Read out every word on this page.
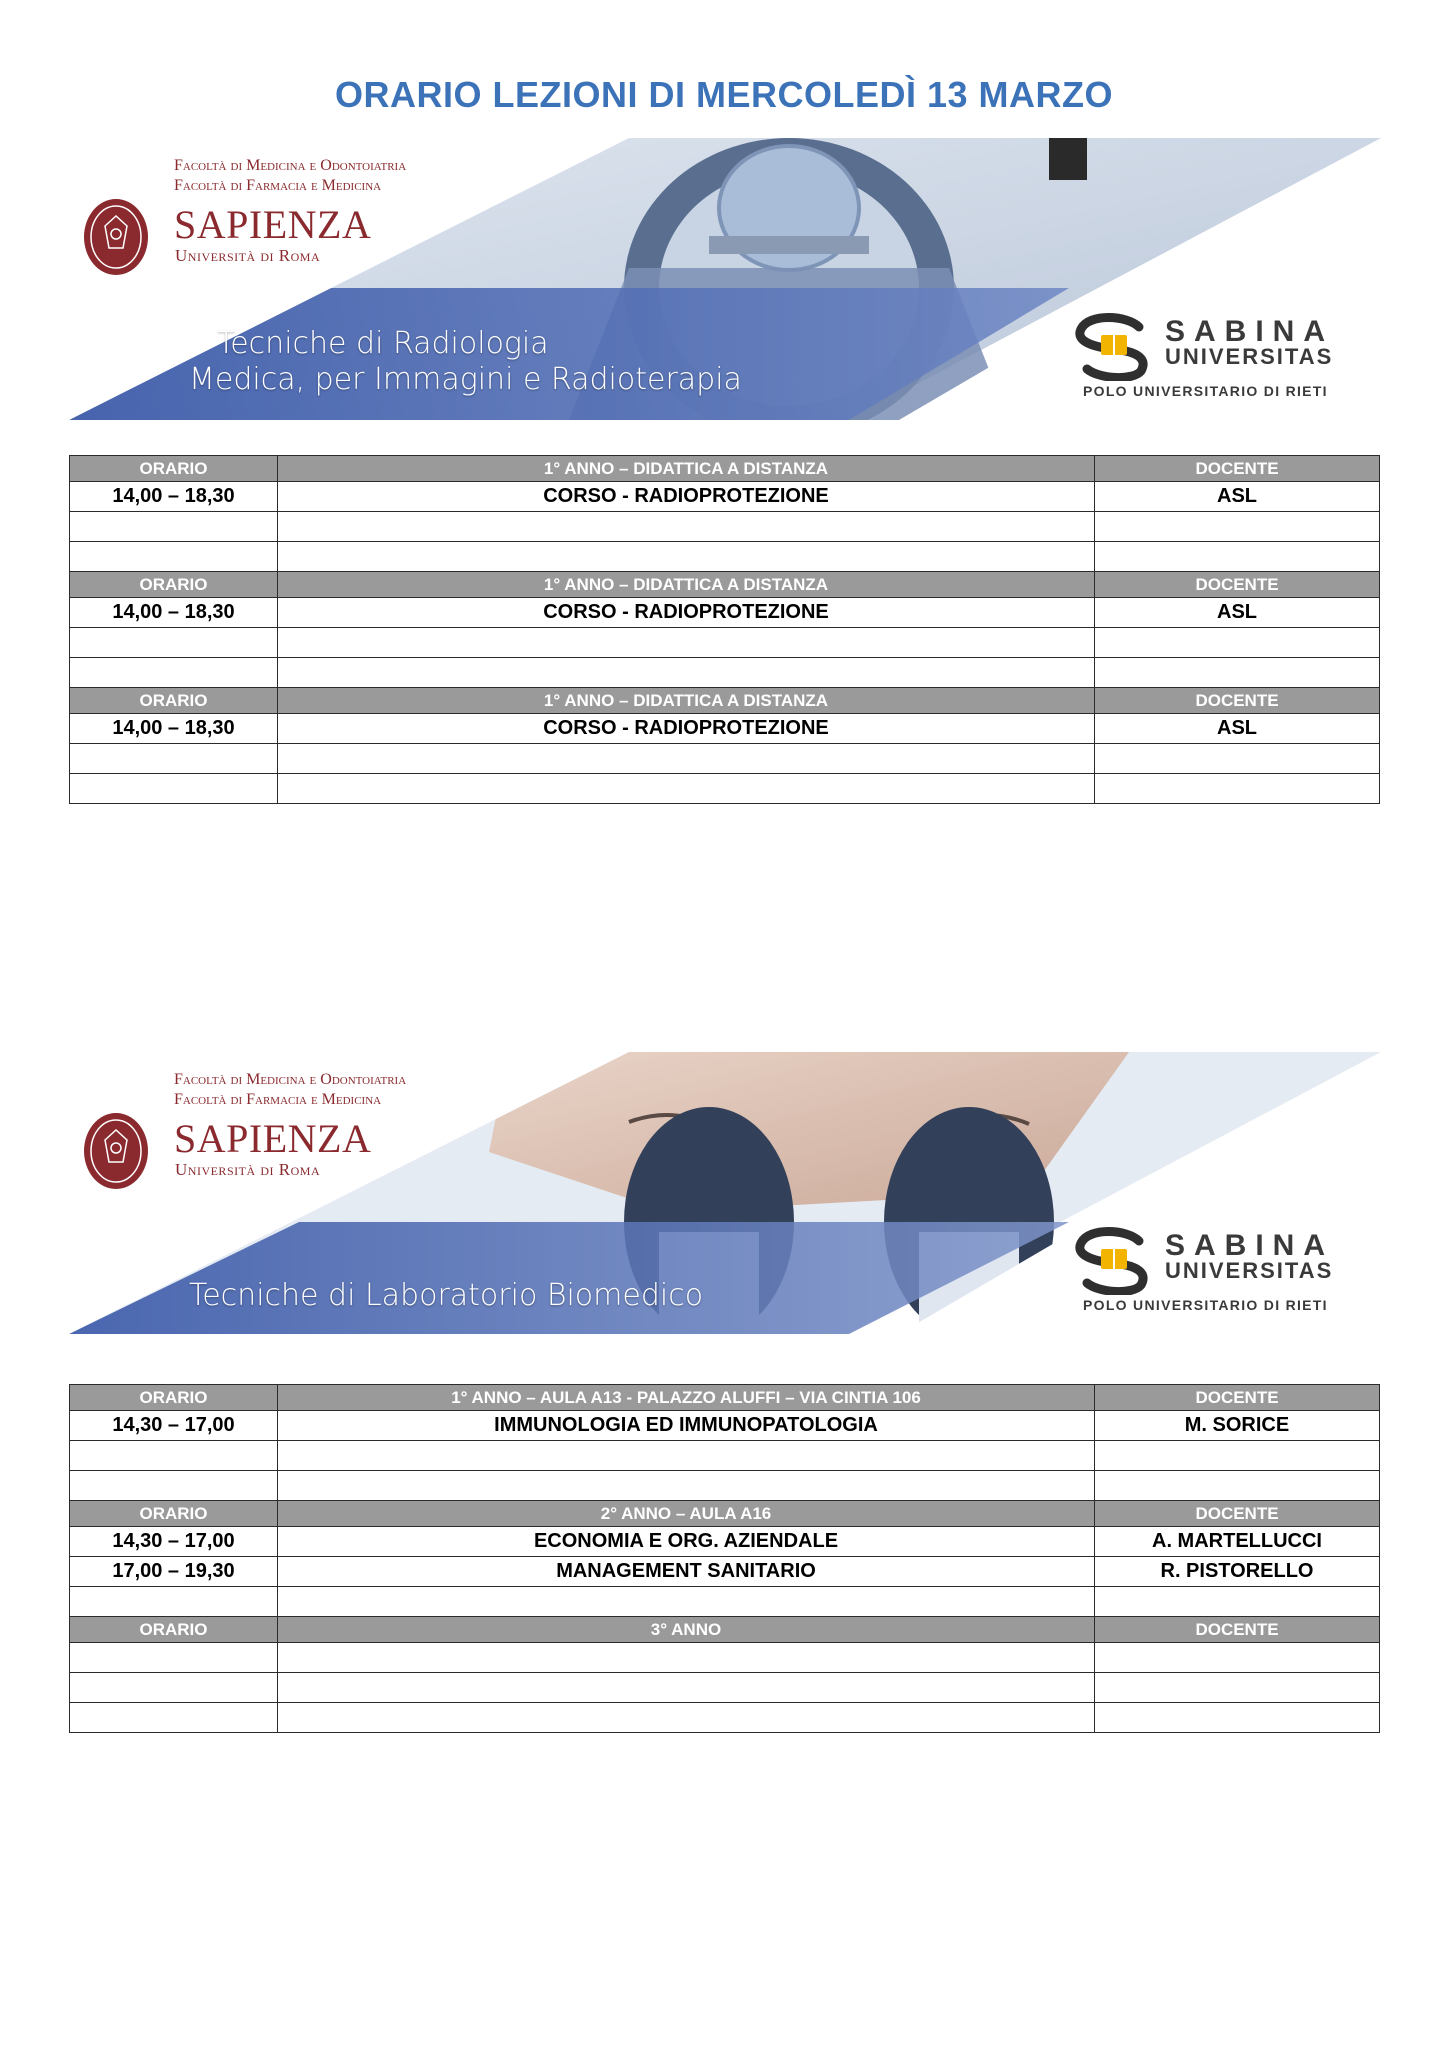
ORARIO LEZIONI DI MERCOLEDÌ 13 MARZO
Facoltà di Medicina e Odontoiatria
Facoltà di Farmacia e Medicina
SAPIENZA
Università di Roma
Tecniche di Radiologia
Medica, per Immagini e Radioterapia
SABINA
UNIVERSITAS
POLO UNIVERSITARIO DI RIETI
ORARIO	1° ANNO – DIDATTICA A DISTANZA	DOCENTE
14,00 – 18,30	CORSO - RADIOPROTEZIONE	ASL

ORARIO	1° ANNO – DIDATTICA A DISTANZA	DOCENTE
14,00 – 18,30	CORSO - RADIOPROTEZIONE	ASL

ORARIO	1° ANNO – DIDATTICA A DISTANZA	DOCENTE
14,00 – 18,30	CORSO - RADIOPROTEZIONE	ASL

Facoltà di Medicina e Odontoiatria
Facoltà di Farmacia e Medicina
SAPIENZA
Università di Roma
Tecniche di Laboratorio Biomedico
SABINA
UNIVERSITAS
POLO UNIVERSITARIO DI RIETI
ORARIO	1° ANNO – AULA A13 - PALAZZO ALUFFI – VIA CINTIA 106	DOCENTE
14,30 – 17,00	IMMUNOLOGIA ED IMMUNOPATOLOGIA	M. SORICE

ORARIO	2° ANNO – AULA A16	DOCENTE
14,30 – 17,00	ECONOMIA E ORG. AZIENDALE	A. MARTELLUCCI
17,00 – 19,30	MANAGEMENT SANITARIO	R. PISTORELLO

ORARIO	3° ANNO	DOCENTE
